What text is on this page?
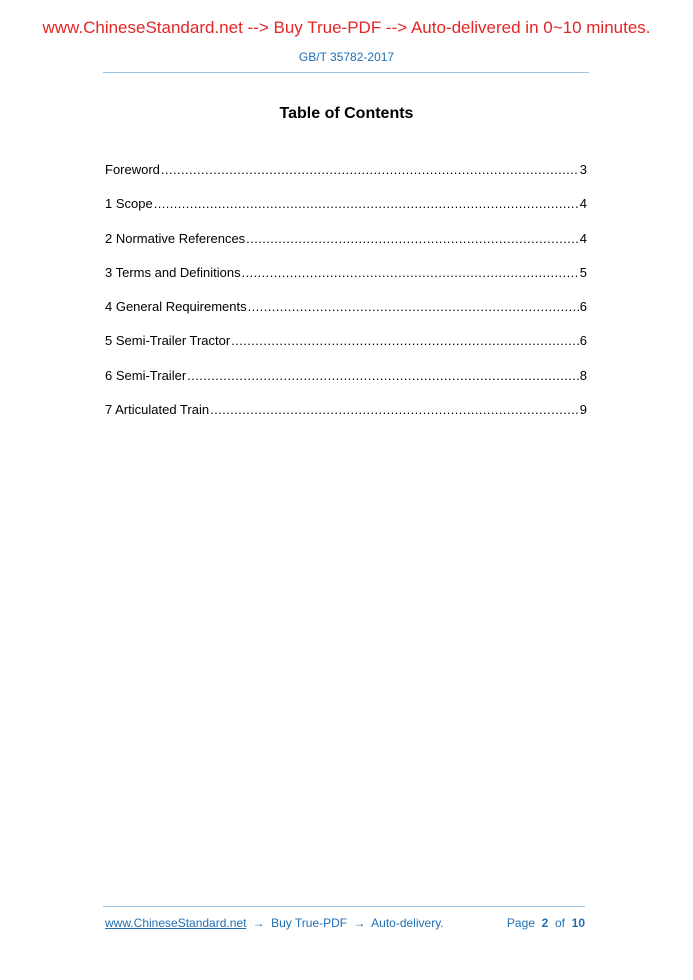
www.ChineseStandard.net --> Buy True-PDF --> Auto-delivered in 0~10 minutes.
GB/T 35782-2017
Table of Contents
Foreword .....	3
1 Scope .....	4
2 Normative References .....	4
3 Terms and Definitions .....	5
4 General Requirements .....	6
5 Semi-Trailer Tractor .....	6
6 Semi-Trailer .....	8
7 Articulated Train .....	9
www.ChineseStandard.net → Buy True-PDF → Auto-delivery.	Page 2 of 10
